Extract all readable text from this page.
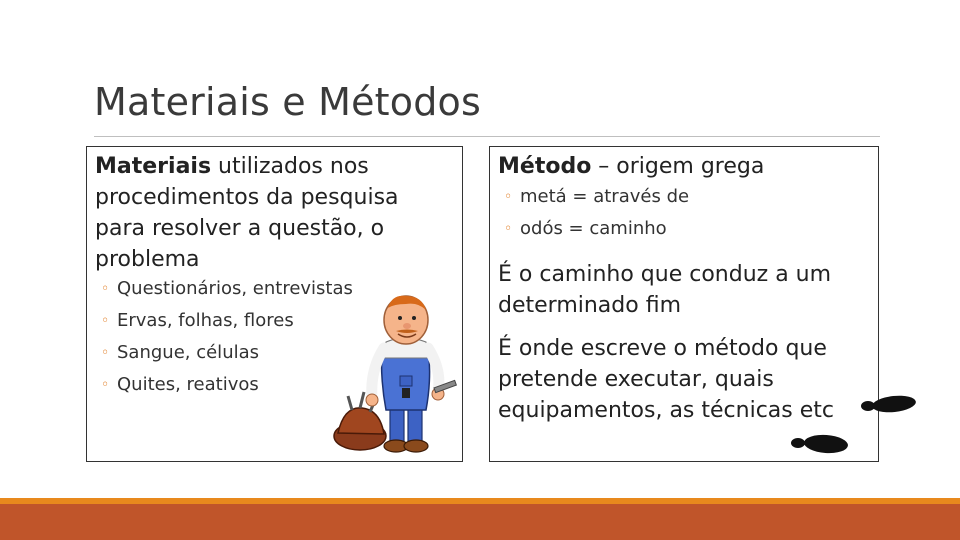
Materiais e Métodos
Materiais utilizados nos procedimentos da pesquisa para resolver a questão, o problema
◦ Questionários, entrevistas
◦ Ervas, folhas, flores
◦ Sangue, células
◦ Quites, reativos
Método – origem grega
◦ metá = através de
◦ odós = caminho
É o caminho que conduz a um determinado fim
É onde escreve o método que pretende executar, quais equipamentos, as técnicas etc
